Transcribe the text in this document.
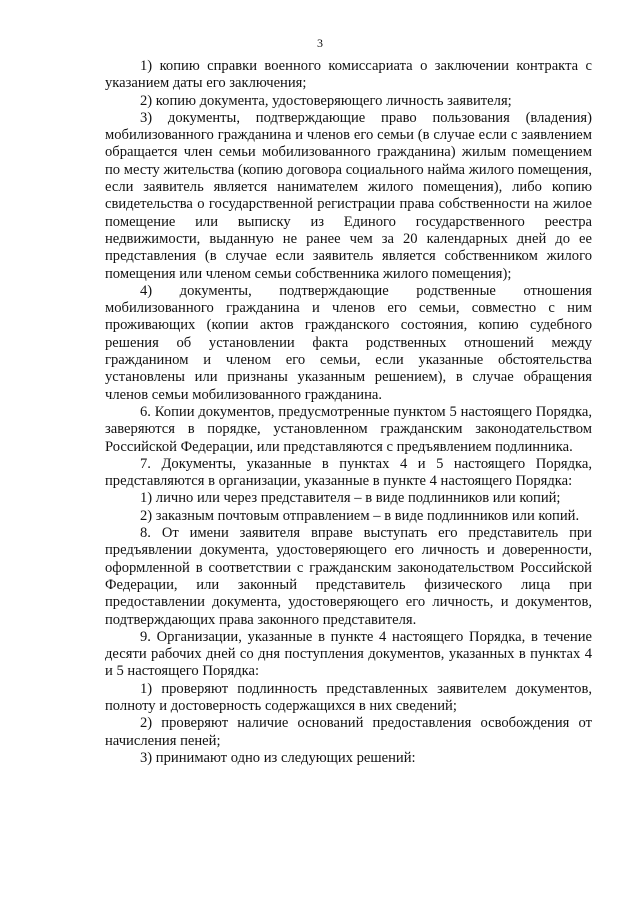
3

1) копию справки военного комиссариата о заключении контракта с указанием даты его заключения;

2) копию документа, удостоверяющего личность заявителя;

3) документы, подтверждающие право пользования (владения) мобилизованного гражданина и членов его семьи (в случае если с заявлением обращается член семьи мобилизованного гражданина) жилым помещением по месту жительства (копию договора социального найма жилого помещения, если заявитель является нанимателем жилого помещения), либо копию свидетельства о государственной регистрации права собственности на жилое помещение или выписку из Единого государственного реестра недвижимости, выданную не ранее чем за 20 календарных дней до ее представления (в случае если заявитель является собственником жилого помещения или членом семьи собственника жилого помещения);

4) документы, подтверждающие родственные отношения мобилизованного гражданина и членов его семьи, совместно с ним проживающих (копии актов гражданского состояния, копию судебного решения об установлении факта родственных отношений между гражданином и членом его семьи, если указанные обстоятельства установлены или признаны указанным решением), в случае обращения членов семьи мобилизованного гражданина.

6. Копии документов, предусмотренные пунктом 5 настоящего Порядка, заверяются в порядке, установленном гражданским законодательством Российской Федерации, или представляются с предъявлением подлинника.

7. Документы, указанные в пунктах 4 и 5 настоящего Порядка, представляются в организации, указанные в пункте 4 настоящего Порядка:

1) лично или через представителя – в виде подлинников или копий;

2) заказным почтовым отправлением – в виде подлинников или копий.

8. От имени заявителя вправе выступать его представитель при предъявлении документа, удостоверяющего его личность и доверенности, оформленной в соответствии с гражданским законодательством Российской Федерации, или законный представитель физического лица при предоставлении документа, удостоверяющего его личность, и документов, подтверждающих права законного представителя.

9. Организации, указанные в пункте 4 настоящего Порядка, в течение десяти рабочих дней со дня поступления документов, указанных в пунктах 4 и 5 настоящего Порядка:

1) проверяют подлинность представленных заявителем документов, полноту и достоверность содержащихся в них сведений;

2) проверяют наличие оснований предоставления освобождения от начисления пеней;

3) принимают одно из следующих решений:
